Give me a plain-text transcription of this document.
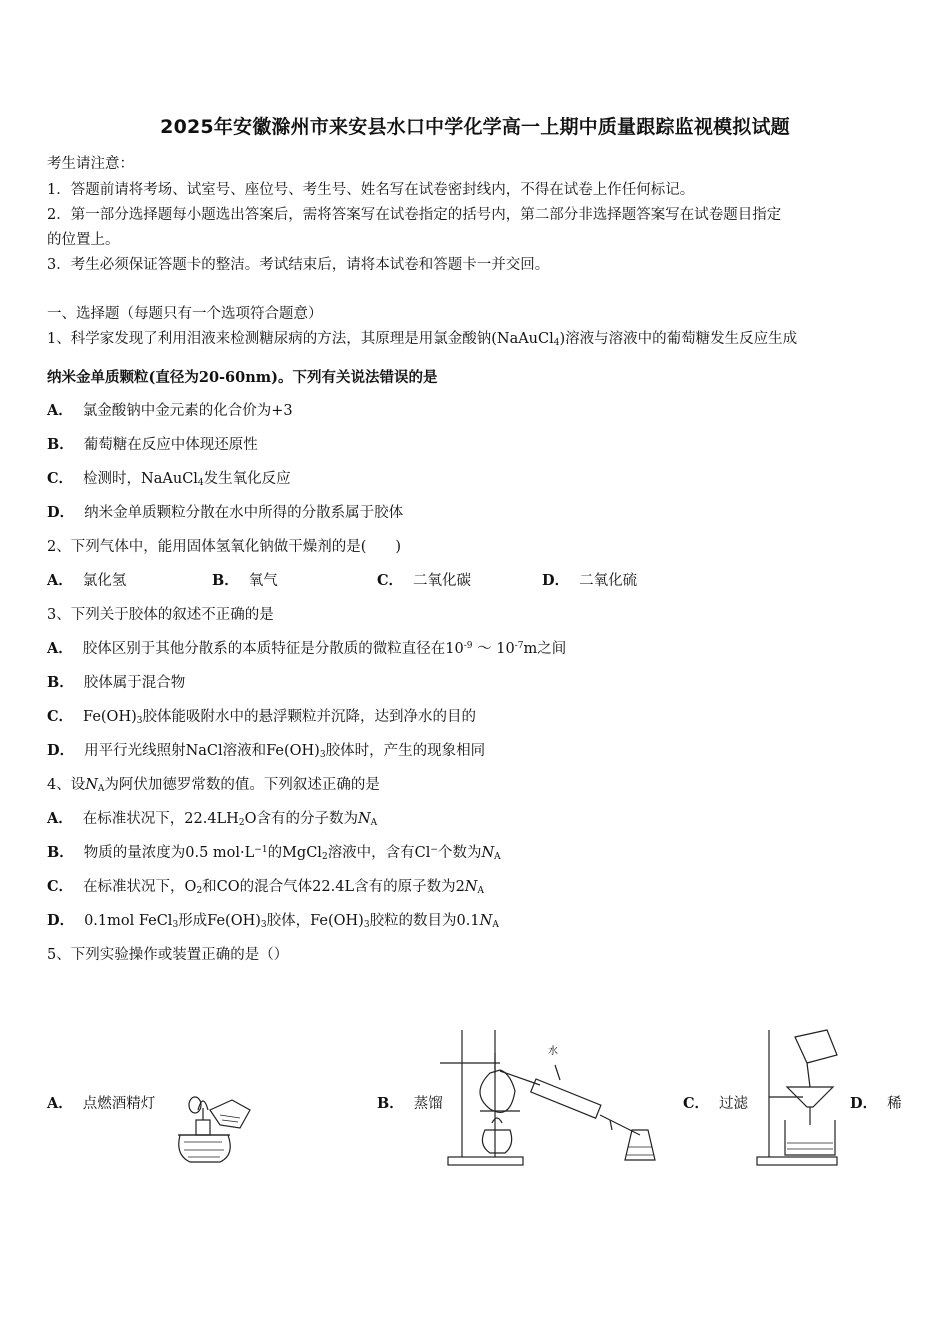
2025年安徽滁州市来安县水口中学化学高一上期中质量跟踪监视模拟试题
考生请注意：
1．答题前请将考场、试室号、座位号、考生号、姓名写在试卷密封线内，不得在试卷上作任何标记。
2．第一部分选择题每小题选出答案后，需将答案写在试卷指定的括号内，第二部分非选择题答案写在试卷题目指定
的位置上。
3．考生必须保证答题卡的整洁。考试结束后，请将本试卷和答题卡一并交回。
一、选择题（每题只有一个选项符合题意）
1、科学家发现了利用泪液来检测糖尿病的方法，其原理是用氯金酸钠(NaAuCl$_4$)溶液与溶液中的葡萄糖发生反应生成
纳米金单质颗粒(直径为20-60nm)。下列有关说法错误的是
A． 氯金酸钠中金元素的化合价为+3
B． 葡萄糖在反应中体现还原性
C． 检测时，NaAuCl$_4$发生氧化反应
D． 纳米金单质颗粒分散在水中所得的分散系属于胶体
2、下列气体中，能用固体氢氧化钠做干燥剂的是(　　)
A． 氯化氢	B． 氧气	C． 二氧化碳	D． 二氧化硫
3、下列关于胶体的叙述不正确的是
A． 胶体区别于其他分散系的本质特征是分散质的微粒直径在$10^{-9}$ ～ $10^{-7}m$之间
B． 胶体属于混合物
C． $Fe(OH)_3$胶体能吸附水中的悬浮颗粒并沉降，达到净水的目的
D． 用平行光线照射NaCl溶液和$Fe(OH)_3$胶体时，产生的现象相同
4、设$N_A$为阿伏加德罗常数的值。下列叙述正确的是
A． 在标准状况下，$22.4LH_2O$含有的分子数为$N_A$
B． 物质的量浓度为0.5 $mol\cdot L^{-1}$的MgCl$_2$溶液中，含有Cl−个数为$N_A$
C． 在标准状况下，$O_2$和CO的混合气体22.4L含有的原子数为$2N_A$
D． 0.1mol FeCl$_3$形成$Fe(OH)_3$胶体，$Fe(OH)_3$胶粒的数目为$0.1N_A$
5、下列实验操作或装置正确的是（）
A． 点燃酒精灯	B． 蒸馏	C． 过滤	D． 稀
水
